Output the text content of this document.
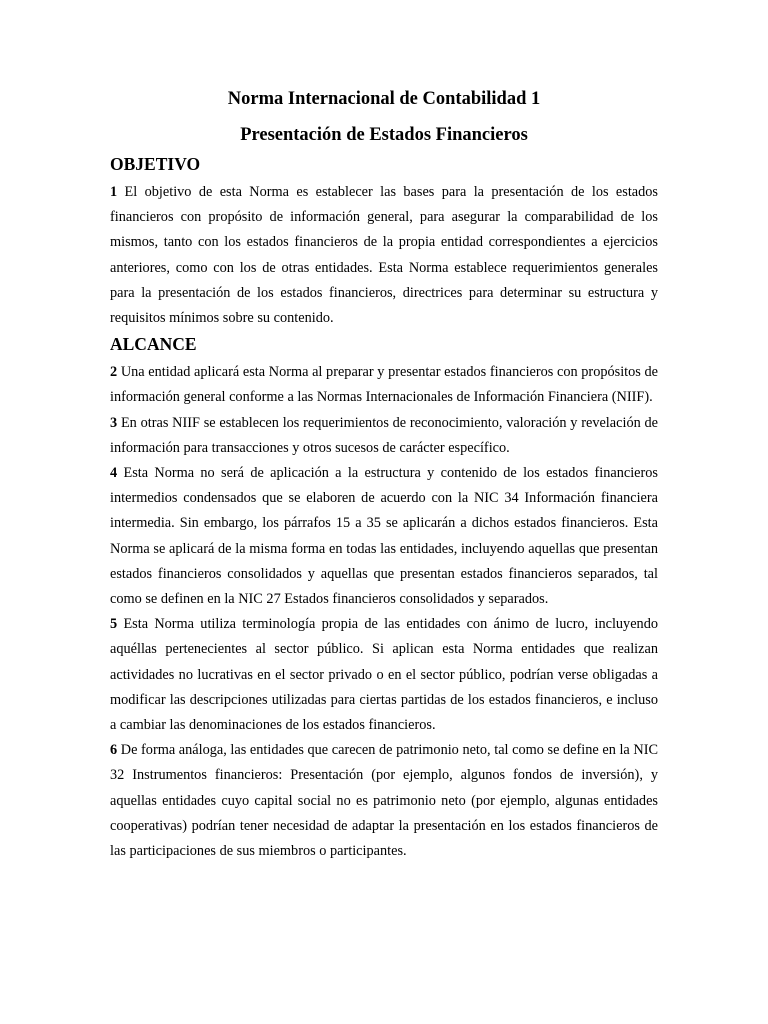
Norma Internacional de Contabilidad 1
Presentación de Estados Financieros
OBJETIVO

1 El objetivo de esta Norma es establecer las bases para la presentación de los estados financieros con propósito de información general, para asegurar la comparabilidad de los mismos, tanto con los estados financieros de la propia entidad correspondientes a ejercicios anteriores, como con los de otras entidades. Esta Norma establece requerimientos generales para la presentación de los estados financieros, directrices para determinar su estructura y requisitos mínimos sobre su contenido.

ALCANCE

2 Una entidad aplicará esta Norma al preparar y presentar estados financieros con propósitos de información general conforme a las Normas Internacionales de Información Financiera (NIIF).

3 En otras NIIF se establecen los requerimientos de reconocimiento, valoración y revelación de información para transacciones y otros sucesos de carácter específico.

4 Esta Norma no será de aplicación a la estructura y contenido de los estados financieros intermedios condensados que se elaboren de acuerdo con la NIC 34 Información financiera intermedia. Sin embargo, los párrafos 15 a 35 se aplicarán a dichos estados financieros. Esta Norma se aplicará de la misma forma en todas las entidades, incluyendo aquellas que presentan estados financieros consolidados y aquellas que presentan estados financieros separados, tal como se definen en la NIC 27 Estados financieros consolidados y separados.

5 Esta Norma utiliza terminología propia de las entidades con ánimo de lucro, incluyendo aquéllas pertenecientes al sector público. Si aplican esta Norma entidades que realizan actividades no lucrativas en el sector privado o en el sector público, podrían verse obligadas a modificar las descripciones utilizadas para ciertas partidas de los estados financieros, e incluso a cambiar las denominaciones de los estados financieros.

6 De forma análoga, las entidades que carecen de patrimonio neto, tal como se define en la NIC 32 Instrumentos financieros: Presentación (por ejemplo, algunos fondos de inversión), y aquellas entidades cuyo capital social no es patrimonio neto (por ejemplo, algunas entidades cooperativas) podrían tener necesidad de adaptar la presentación en los estados financieros de las participaciones de sus miembros o participantes.
